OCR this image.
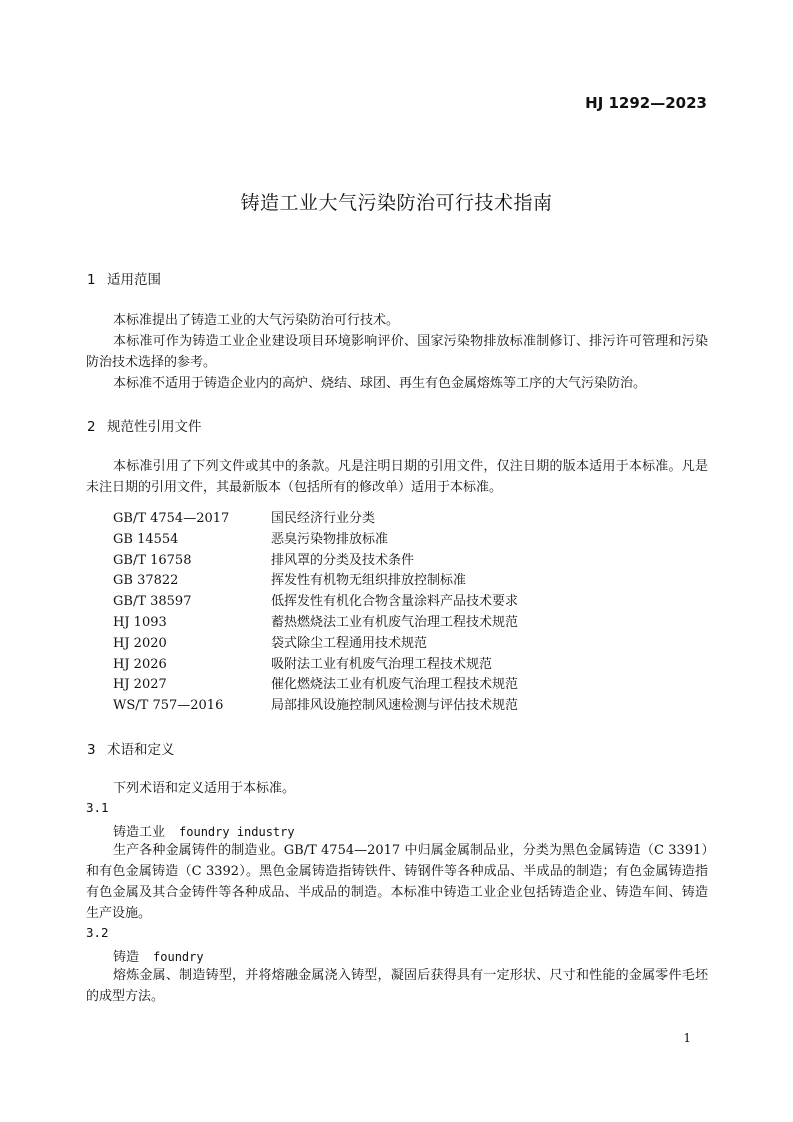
HJ 1292—2023

铸造工业大气污染防治可行技术指南
1 适用范围

本标准提出了铸造工业的大气污染防治可行技术。

本标准可作为铸造工业企业建设项目环境影响评价、国家污染物排放标准制修订、排污许可管理和污染防治技术选择的参考。

本标准不适用于铸造企业内的高炉、烧结、球团、再生有色金属熔炼等工序的大气污染防治。

2 规范性引用文件

本标准引用了下列文件或其中的条款。凡是注明日期的引用文件，仅注日期的版本适用于本标准。凡是未注日期的引用文件，其最新版本（包括所有的修改单）适用于本标准。

GB/T 4754—2017	国民经济行业分类
GB 14554	恶臭污染物排放标准
GB/T 16758	排风罩的分类及技术条件
GB 37822	挥发性有机物无组织排放控制标准
GB/T 38597	低挥发性有机化合物含量涂料产品技术要求
HJ 1093	蓄热燃烧法工业有机废气治理工程技术规范
HJ 2020	袋式除尘工程通用技术规范
HJ 2026	吸附法工业有机废气治理工程技术规范
HJ 2027	催化燃烧法工业有机废气治理工程技术规范
WS/T 757—2016	局部排风设施控制风速检测与评估技术规范
3 术语和定义

下列术语和定义适用于本标准。

3.1

铸造工业 foundry industry

生产各种金属铸件的制造业。GB/T 4754—2017 中归属金属制品业，分类为黑色金属铸造（C 3391）和有色金属铸造（C 3392）。黑色金属铸造指铸铁件、铸钢件等各种成品、半成品的制造；有色金属铸造指有色金属及其合金铸件等各种成品、半成品的制造。本标准中铸造工业企业包括铸造企业、铸造车间、铸造生产设施。

3.2

铸造 foundry

熔炼金属、制造铸型，并将熔融金属浇入铸型，凝固后获得具有一定形状、尺寸和性能的金属零件毛坯的成型方法。

1
